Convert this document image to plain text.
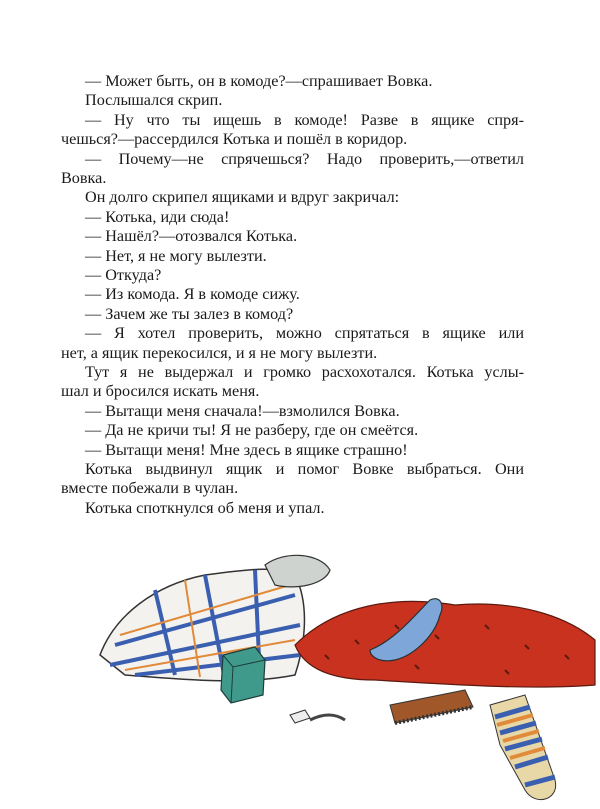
— Может быть, он в комоде?—спрашивает Вовка.
Послышался скрип.
— Ну что ты ищешь в комоде! Разве в ящике спря-
чешься?—рассердился Котька и пошёл в коридор.
— Почему—не спрячешься? Надо проверить,—ответил
Вовка.
Он долго скрипел ящиками и вдруг закричал:
— Котька, иди сюда!
— Нашёл?—отозвался Котька.
— Нет, я не могу вылезти.
— Откуда?
— Из комода. Я в комоде сижу.
— Зачем же ты залез в комод?
— Я хотел проверить, можно спрятаться в ящике или
нет, а ящик перекосился, и я не могу вылезти.
Тут я не выдержал и громко расхохотался. Котька услы-
шал и бросился искать меня.
— Вытащи меня сначала!—взмолился Вовка.
— Да не кричи ты! Я не разберу, где он смеётся.
— Вытащи меня! Мне здесь в ящике страшно!
Котька выдвинул ящик и помог Вовке выбраться. Они
вместе побежали в чулан.
Котька споткнулся об меня и упал.
